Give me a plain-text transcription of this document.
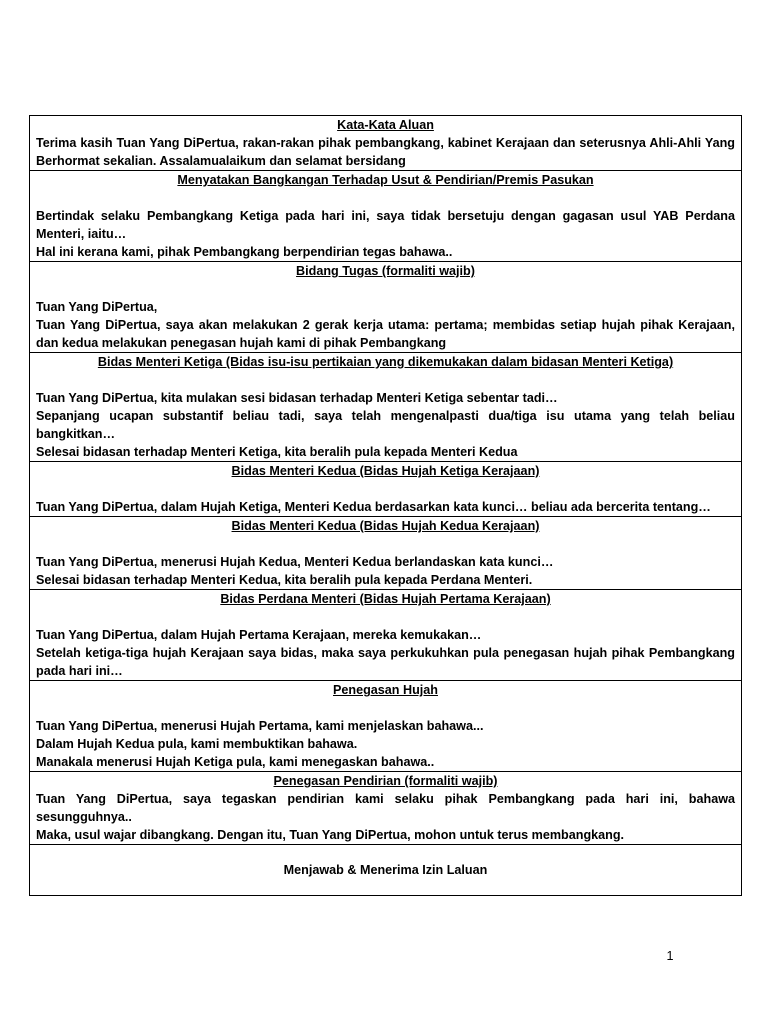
Kata-Kata Aluan
Terima kasih Tuan Yang DiPertua, rakan-rakan pihak pembangkang, kabinet Kerajaan dan seterusnya Ahli-Ahli Yang Berhormat sekalian. Assalamualaikum dan selamat bersidang
Menyatakan Bangkangan Terhadap Usut & Pendirian/Premis Pasukan
Bertindak selaku Pembangkang Ketiga pada hari ini, saya tidak bersetuju dengan gagasan usul YAB Perdana Menteri, iaitu…
Hal ini kerana kami, pihak Pembangkang berpendirian tegas bahawa..
Bidang Tugas (formaliti wajib)
Tuan Yang DiPertua,
Tuan Yang DiPertua, saya akan melakukan 2 gerak kerja utama: pertama; membidas setiap hujah pihak Kerajaan, dan kedua melakukan penegasan hujah kami di pihak Pembangkang
Bidas Menteri Ketiga (Bidas isu-isu pertikaian yang dikemukakan dalam bidasan Menteri Ketiga)
Tuan Yang DiPertua, kita mulakan sesi bidasan terhadap Menteri Ketiga sebentar tadi…
Sepanjang ucapan substantif beliau tadi, saya telah mengenalpasti dua/tiga isu utama yang telah beliau bangkitkan…
Selesai bidasan terhadap Menteri Ketiga, kita beralih pula kepada Menteri Kedua
Bidas Menteri Kedua (Bidas Hujah Ketiga Kerajaan)
Tuan Yang DiPertua, dalam Hujah Ketiga, Menteri Kedua berdasarkan kata kunci… beliau ada bercerita tentang…
Bidas Menteri Kedua (Bidas Hujah Kedua Kerajaan)
Tuan Yang DiPertua, menerusi Hujah Kedua, Menteri Kedua berlandaskan kata kunci…
Selesai bidasan terhadap Menteri Kedua, kita beralih pula kepada Perdana Menteri.
Bidas Perdana Menteri (Bidas Hujah Pertama Kerajaan)
Tuan Yang DiPertua, dalam Hujah Pertama Kerajaan, mereka kemukakan…
Setelah ketiga-tiga hujah Kerajaan saya bidas, maka saya perkukuhkan pula penegasan hujah pihak Pembangkang pada hari ini…
Penegasan Hujah
Tuan Yang DiPertua, menerusi Hujah Pertama, kami menjelaskan bahawa...
Dalam Hujah Kedua pula, kami membuktikan bahawa.
Manakala menerusi Hujah Ketiga pula, kami menegaskan bahawa..
Penegasan Pendirian (formaliti wajib)
Tuan Yang DiPertua, saya tegaskan pendirian kami selaku pihak Pembangkang pada hari ini, bahawa sesungguhnya..
Maka, usul wajar dibangkang. Dengan itu, Tuan Yang DiPertua, mohon untuk terus membangkang.
Menjawab & Menerima Izin Laluan
1
